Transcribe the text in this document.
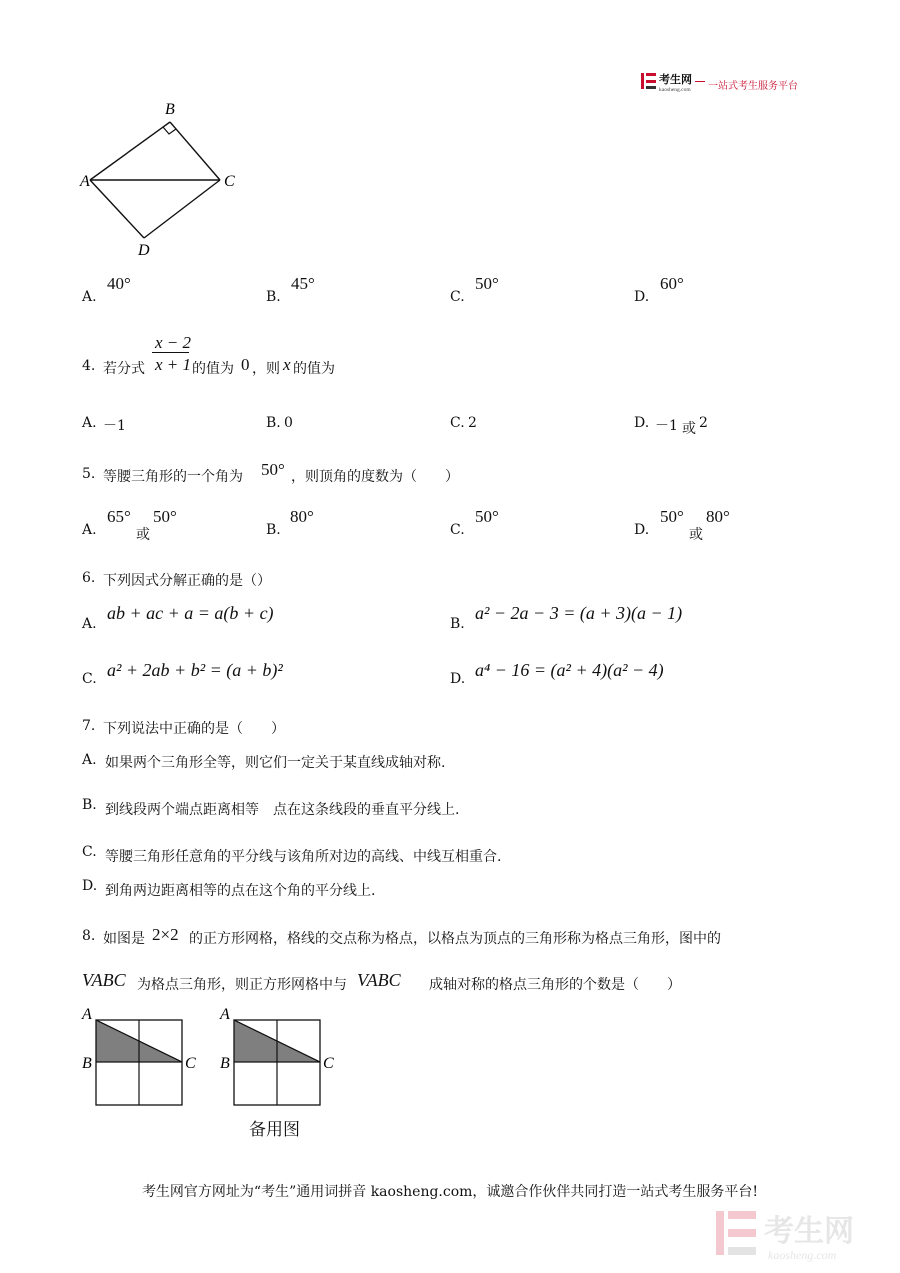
考生网
kaosheng.com 一站式考生服务平台
B
A	C
D
A.
40°
B.
45°
C.
50°
D.
60°
4. 若分式
x − 2
x + 1 的值为 0 ，则 x 的值为
A. －1	B. 0	C. 2	D. －1 或 2
5. 等腰三角形的一个角为 50° ，则顶角的度数为（　　）
A.
65°
或
50°
B.
80°
C.
50°
D.
50°
或
80°
6. 下列因式分解正确的是（）
A.
ab + ac + a = a(b + c)
B.
a² − 2a − 3 = (a + 3)(a − 1)
C. a² + 2ab + b² = (a + b)²	D. a⁴ − 16 = (a² + 4)(a² − 4)
7. 下列说法中正确的是（　　）
A. 如果两个三角形全等，则它们一定关于某直线成轴对称.
B. 到线段两个端点距离相等　点在这条线段的垂直平分线上.
C. 等腰三角形任意角的平分线与该角所对边的高线、中线互相重合.
D. 到角两边距离相等的点在这个角的平分线上.
8. 如图是 2×2 的正方形网格，格线的交点称为格点，以格点为顶点的三角形称为格点三角形，图中的
VABC 为格点三角形，则正方形网格中与 VABC 成轴对称的格点三角形的个数是（　　）
A
B	C
A
B	C
备用图
考生网官方网址为“考生”通用词拼音 kaosheng.com，诚邀合作伙伴共同打造一站式考生服务平台!
考生网
kaosheng.com
